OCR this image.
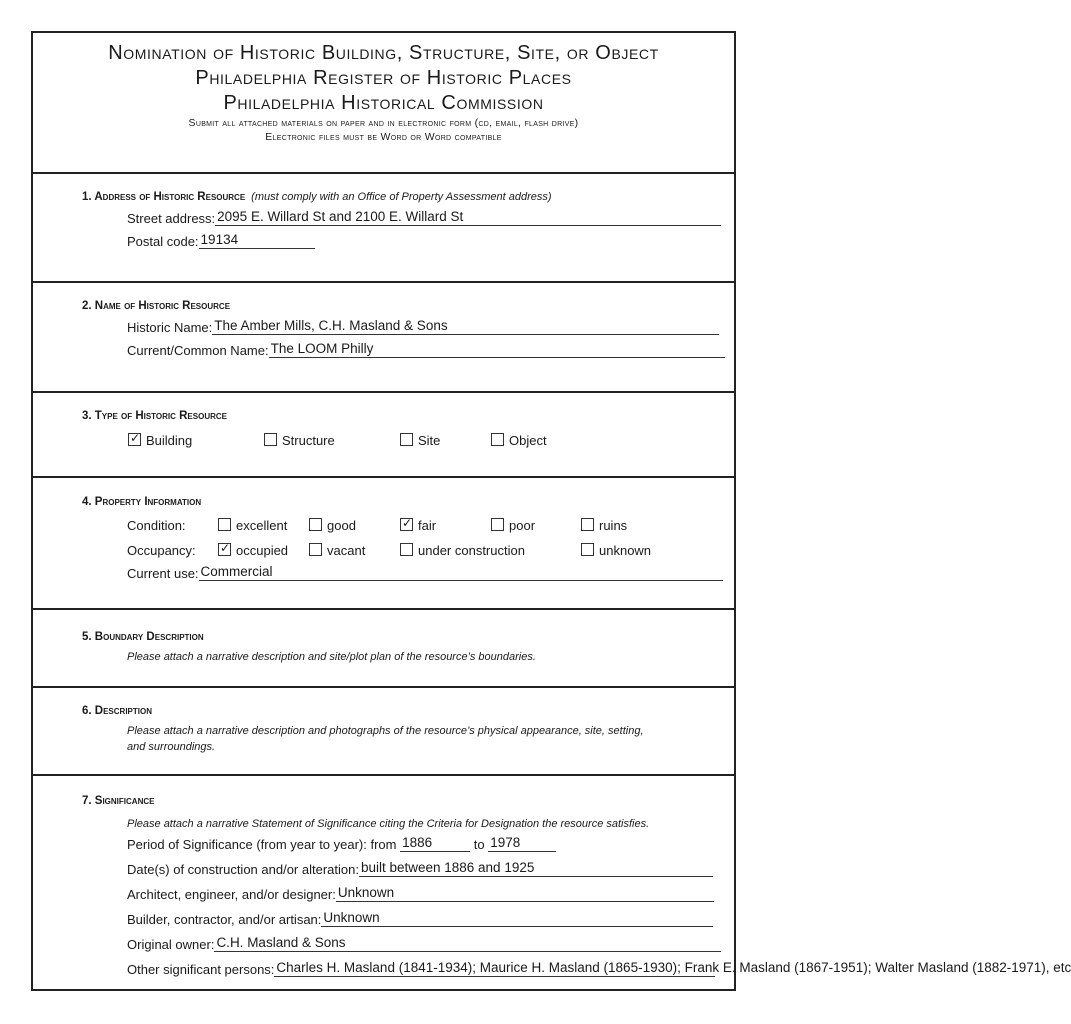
Nomination of Historic Building, Structure, Site, or Object
Philadelphia Register of Historic Places
Philadelphia Historical Commission
Submit all attached materials on paper and in electronic form (cd, email, flash drive)
Electronic files must be Word or Word compatible
1. Address of Historic Resource (must comply with an Office of Property Assessment address)
Street address: 2095 E. Willard St and 2100 E. Willard St
Postal code: 19134
2. Name of Historic Resource
Historic Name: The Amber Mills, C.H. Masland & Sons
Current/Common Name: The LOOM Philly
3. Type of Historic Resource
✓ Building	Structure	Site	Object
4. Property Information
Condition:	excellent	good	✓ fair	poor	ruins
Occupancy: ✓ occupied	vacant	under construction	unknown
Current use: Commercial
5. Boundary Description
Please attach a narrative description and site/plot plan of the resource’s boundaries.
6. Description
Please attach a narrative description and photographs of the resource’s physical appearance, site, setting,
and surroundings.
7. Significance
Please attach a narrative Statement of Significance citing the Criteria for Designation the resource satisfies.
Period of Significance (from year to year): from 1886	to 1978
Date(s) of construction and/or alteration: built between 1886 and 1925
Architect, engineer, and/or designer: Unknown
Builder, contractor, and/or artisan: Unknown
Original owner: C.H. Masland & Sons
Other significant persons: Charles H. Masland (1841-1934); Maurice H. Masland (1865-1930); Frank E. Masland (1867-1951); Walter Masland (1882-1971), etc
